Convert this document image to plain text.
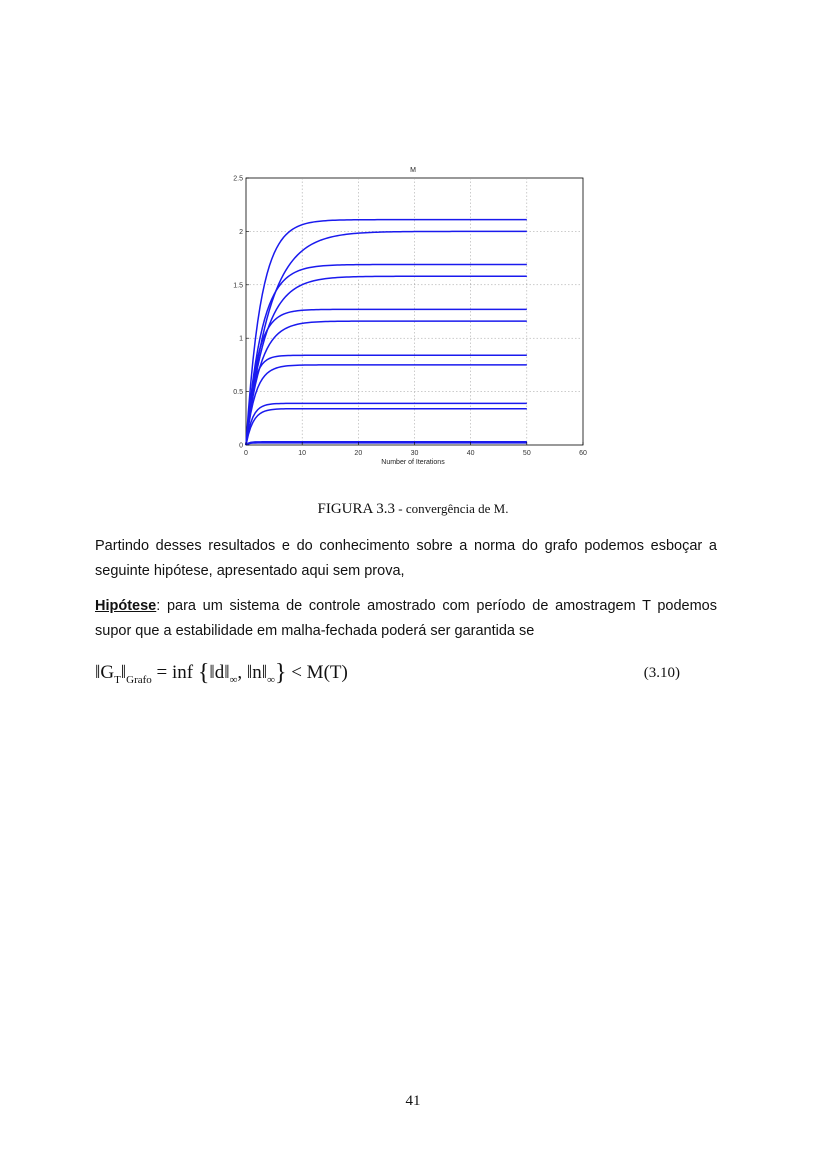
M
0	10	20	30	40	50	60
0
0.5
1
1.5
2
2.5
Number of Iterations
FIGURA 3.3 - convergência de M.
Partindo desses resultados e do conhecimento sobre a norma do grafo podemos esboçar a seguinte hipótese, apresentado aqui sem prova,
Hipótese: para um sistema de controle amostrado com período de amostragem T podemos supor que a estabilidade em malha-fechada poderá ser garantida se
$‖G_T‖_{Grafo}$ = inf {$‖d‖_\infty$, $‖n‖_\infty\} < M(T)$	(3.10)
41
